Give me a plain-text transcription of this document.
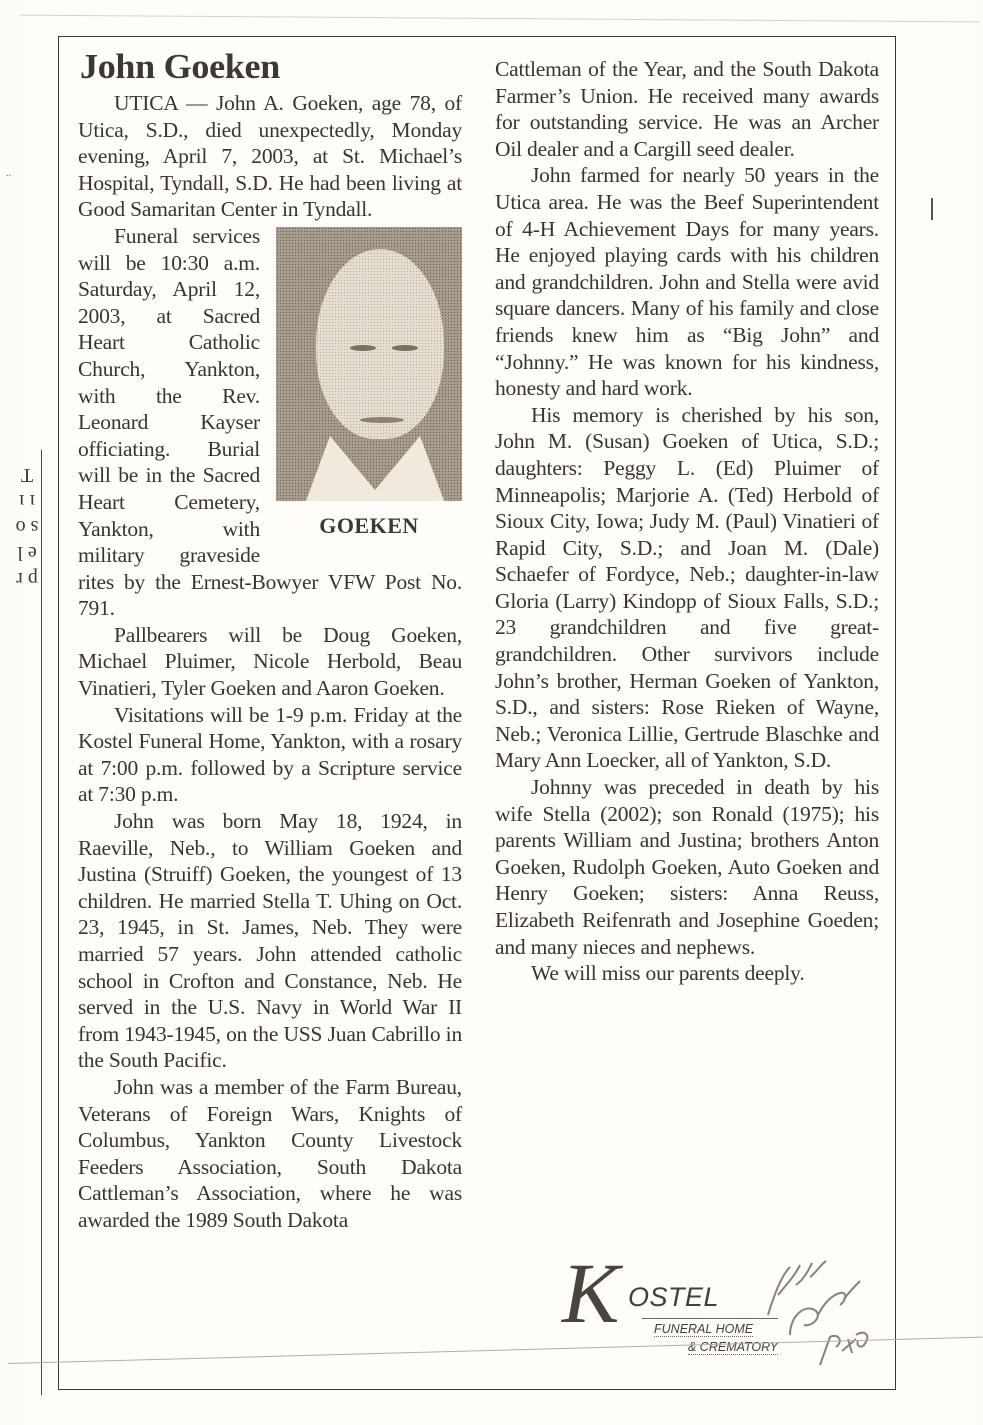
..
p r e l s o ı ı T
John Goeken

UTICA — John A. Goeken, age 78, of Utica, S.D., died unexpectedly, Monday evening, April 7, 2003, at St. Michael’s Hospital, Tyndall, S.D. He had been living at Good Samaritan Center in Tyndall.

GOEKEN

Funeral services will be 10:30 a.m. Saturday, April 12, 2003, at Sacred Heart Catholic Church, Yankton, with the Rev. Leonard Kayser officiating. Burial will be in the Sacred Heart Cemetery, Yankton, with military graveside rites by the Ernest-Bowyer VFW Post No. 791.

Pallbearers will be Doug Goeken, Michael Pluimer, Nicole Herbold, Beau Vinatieri, Tyler Goeken and Aaron Goeken.

Visitations will be 1-9 p.m. Friday at the Kostel Funeral Home, Yankton, with a rosary at 7:00 p.m. followed by a Scripture service at 7:30 p.m.

John was born May 18, 1924, in Raeville, Neb., to William Goeken and Justina (Struiff) Goeken, the youngest of 13 children. He married Stella T. Uhing on Oct. 23, 1945, in St. James, Neb. They were married 57 years. John attended catholic school in Crofton and Constance, Neb. He served in the U.S. Navy in World War II from 1943-1945, on the USS Juan Cabrillo in the South Pacific.

John was a member of the Farm Bureau, Veterans of Foreign Wars, Knights of Columbus, Yankton County Livestock Feeders Association, South Dakota Cattleman’s Association, where he was awarded the 1989 South Dakota

Cattleman of the Year, and the South Dakota Farmer’s Union. He received many awards for outstanding service. He was an Archer Oil dealer and a Cargill seed dealer.

John farmed for nearly 50 years in the Utica area. He was the Beef Superintendent of 4-H Achievement Days for many years. He enjoyed playing cards with his children and grandchildren. John and Stella were avid square dancers. Many of his family and close friends knew him as “Big John” and “Johnny.” He was known for his kindness, honesty and hard work.

His memory is cherished by his son, John M. (Susan) Goeken of Utica, S.D.; daughters: Peggy L. (Ed) Pluimer of Minneapolis; Marjorie A. (Ted) Herbold of Sioux City, Iowa; Judy M. (Paul) Vinatieri of Rapid City, S.D.; and Joan M. (Dale) Schaefer of Fordyce, Neb.; daughter-in-law Gloria (Larry) Kindopp of Sioux Falls, S.D.; 23 grandchildren and five great-grandchildren. Other survivors include John’s brother, Herman Goeken of Yankton, S.D., and sisters: Rose Rieken of Wayne, Neb.; Veronica Lillie, Gertrude Blaschke and Mary Ann Loecker, all of Yankton, S.D.

Johnny was preceded in death by his wife Stella (2002); son Ronald (1975); his parents William and Justina; brothers Anton Goeken, Rudolph Goeken, Auto Goeken and Henry Goeken; sisters: Anna Reuss, Elizabeth Reifenrath and Josephine Goeden; and many nieces and nephews.

We will miss our parents deeply.

K OSTEL
FUNERAL HOME
& CREMATORY
